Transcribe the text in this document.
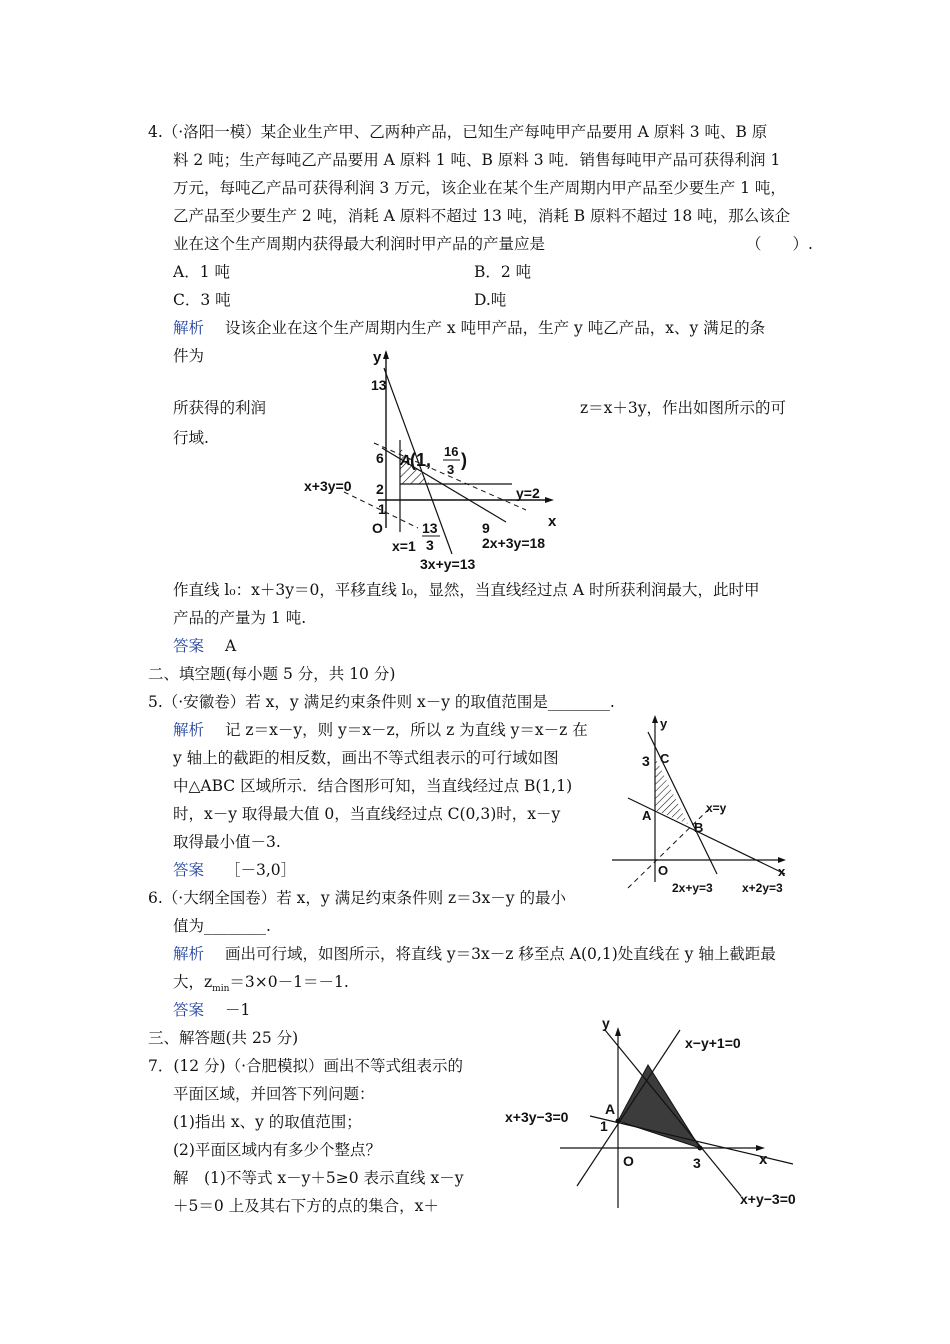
4.（·洛阳一模）某企业生产甲、乙两种产品，已知生产每吨甲产品要用 A 原料 3 吨、B 原
料 2 吨；生产每吨乙产品要用 A 原料 1 吨、B 原料 3 吨．销售每吨甲产品可获得利润 1
万元，每吨乙产品可获得利润 3 万元，该企业在某个生产周期内甲产品至少要生产 1 吨，
乙产品至少要生产 2 吨，消耗 A 原料不超过 13 吨，消耗 B 原料不超过 18 吨，那么该企
业在这个生产周期内获得最大利润时甲产品的产量应是	（　　）.
A．1 吨	B．2 吨
C．3 吨	D.吨
解析 设该企业在这个生产周期内生产 x 吨甲产品，生产 y 吨乙产品，x、y 满足的条
件为
所获得的利润	z＝x＋3y，作出如图所示的可
行域.
y
x
O
13
6
2
1
9
13
3
A (1, 16
3 )
x+3y=0	y=2
x=1	2x+3y=18
3x+y=13
作直线 l₀：x＋3y＝0，平移直线 l₀，显然，当直线经过点 A 时所获利润最大，此时甲
产品的产量为 1 吨.
答案 A
二、填空题(每小题 5 分，共 10 分)
5.（·安徽卷）若 x，y 满足约束条件则 x－y 的取值范围是________.
解析 记 z＝x－y，则 y＝x－z，所以 z 为直线 y＝x－z 在
y 轴上的截距的相反数，画出不等式组表示的可行域如图
中△ABC 区域所示．结合图形可知，当直线经过点 B(1,1)
时，x－y 取得最大值 0，当直线经过点 C(0,3)时，x－y
取得最小值－3.
答案 ［－3,0］
y
x
O
3 C
A
B
x=y
2x+y=3 x+2y=3
6.（·大纲全国卷）若 x，y 满足约束条件则 z＝3x－y 的最小
值为________.
解析 画出可行域，如图所示，将直线 y＝3x－z 移至点 A(0,1)处直线在 y 轴上截距最
大，$z_{min}=3\times 0-1=-1$.
答案 －1
三、解答题(共 25 分)
7．(12 分)（·合肥模拟）画出不等式组表示的
平面区域，并回答下列问题：
(1)指出 x、y 的取值范围；
(2)平面区域内有多少个整点？
解　(1)不等式 x－y＋5≥0 表示直线 x－y
＋5＝0 上及其右下方的点的集合，x＋
y
x
O
A
1
3
x−y+1=0
x+3y−3=0
x+y−3=0
